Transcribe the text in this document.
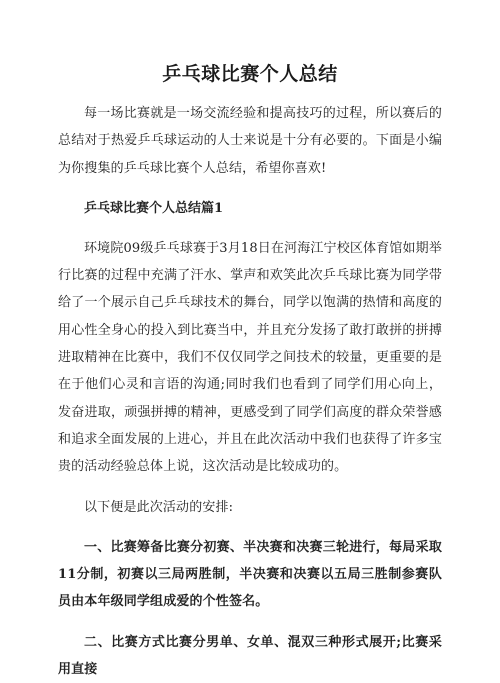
乒乓球比赛个人总结

每一场比赛就是一场交流经验和提高技巧的过程，所以赛后的总结对于热爱乒乓球运动的人士来说是十分有必要的。下面是小编为你搜集的乒乓球比赛个人总结，希望你喜欢!

乒乓球比赛个人总结篇1

环境院09级乒乓球赛于3月18日在河海江宁校区体育馆如期举行比赛的过程中充满了汗水、掌声和欢笑此次乒乓球比赛为同学带给了一个展示自己乒乓球技术的舞台，同学以饱满的热情和高度的用心性全身心的投入到比赛当中，并且充分发扬了敢打敢拼的拼搏进取精神在比赛中，我们不仅仅同学之间技术的较量，更重要的是在于他们心灵和言语的沟通;同时我们也看到了同学们用心向上，发奋进取，顽强拼搏的精神，更感受到了同学们高度的群众荣誉感和追求全面发展的上进心，并且在此次活动中我们也获得了许多宝贵的活动经验总体上说，这次活动是比较成功的。

以下便是此次活动的安排:

一、比赛筹备比赛分初赛、半决赛和决赛三轮进行，每局采取11分制，初赛以三局两胜制，半决赛和决赛以五局三胜制参赛队员由本年级同学组成爱的个性签名。

二、比赛方式比赛分男单、女单、混双三种形式展开;比赛采用直接
